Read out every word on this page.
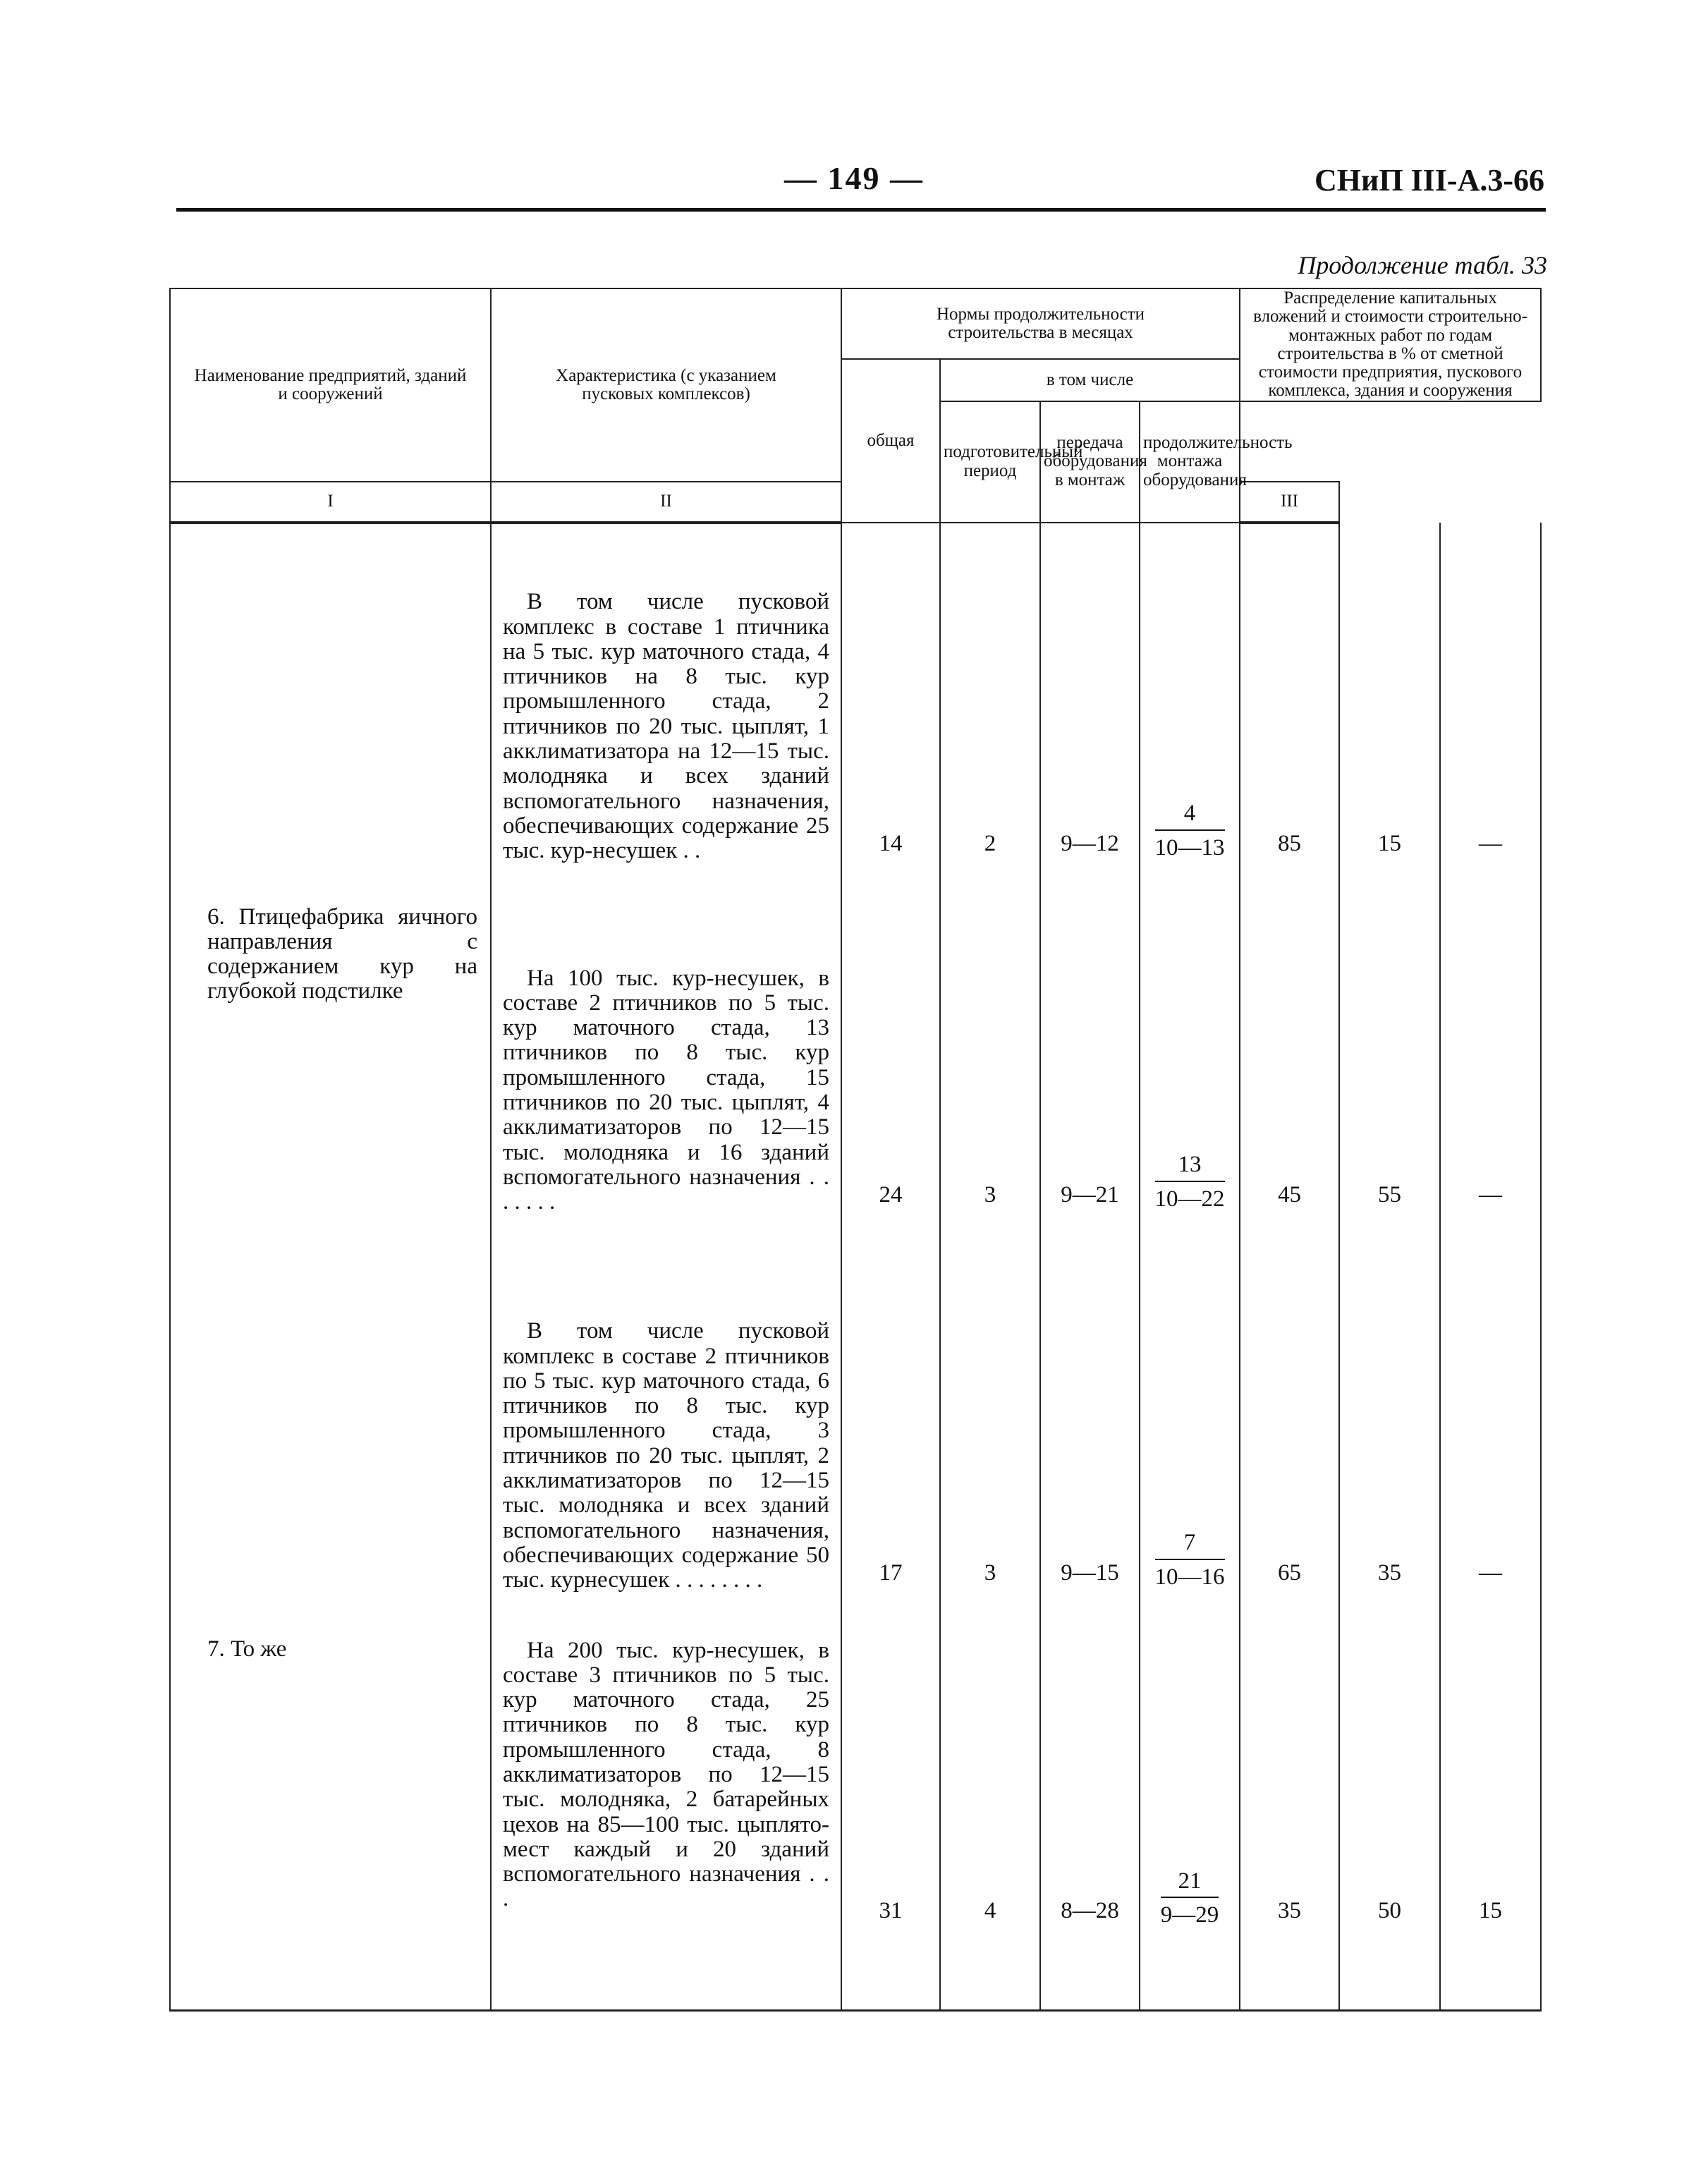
— 149 —	СНиП III-А.3-66
Продолжение табл. 33
Наименование предприятий, зданий и сооружений	Характеристика (с указанием пусковых комплексов)	Нормы продолжительности строительства в месяцах				Распределение капитальных вложений и стоимости строительно-монтажных работ по годам строительства в % от сметной стоимости предприятия, пускового комплекса, здания и сооружения		
		общая	в том числе					
			подготовительный период	передача оборудования в монтаж	продолжительность монтажа оборудования			
I	II					III		

	В том числе пусковой комплекс в составе 1 птичника на 5 тыс. кур маточного стада, 4 птичников на 8 тыс. кур промышленного стада, 2 птичников по 20 тыс. цыплят, 1 акклиматизатора на 12—15 тыс. молодняка и всех зданий вспомогательного назначения, обеспечивающих содержание 25 тыс. кур-несушек . .	14	2	9—12	$\frac{4}{10—13}$	85	15	—

6. Птицефабрика яичного направления с содержанием кур на глубокой подстилке	На 100 тыс. кур-несушек, в составе 2 птичников по 5 тыс. кур маточного стада, 13 птичников по 8 тыс. кур промышленного стада, 15 птичников по 20 тыс. цыплят, 4 акклиматизаторов по 12—15 тыс. молодняка и 16 зданий вспомогательного назначения . . . . . . .	24	3	9—21	$\frac{13}{10—22}$	45	55	—

	В том числе пусковой комплекс в составе 2 птичников по 5 тыс. кур маточного стада, 6 птичников по 8 тыс. кур промышленного стада, 3 птичников по 20 тыс. цыплят, 2 акклиматизаторов по 12—15 тыс. молодняка и всех зданий вспомогательного назначения, обеспечивающих содержание 50 тыс. курнесушек . . . . . . . .	17	3	9—15	$\frac{7}{10—16}$	65	35	—

7. То же	На 200 тыс. кур-несушек, в составе 3 птичников по 5 тыс. кур маточного стада, 25 птичников по 8 тыс. кур промышленного стада, 8 акклиматизаторов по 12—15 тыс. молодняка, 2 батарейных цехов на 85—100 тыс. цыплято-мест каждый и 20 зданий вспомогательного назначения . . .	31	4	8—28	$\frac{21}{9—29}$	35	50	15
